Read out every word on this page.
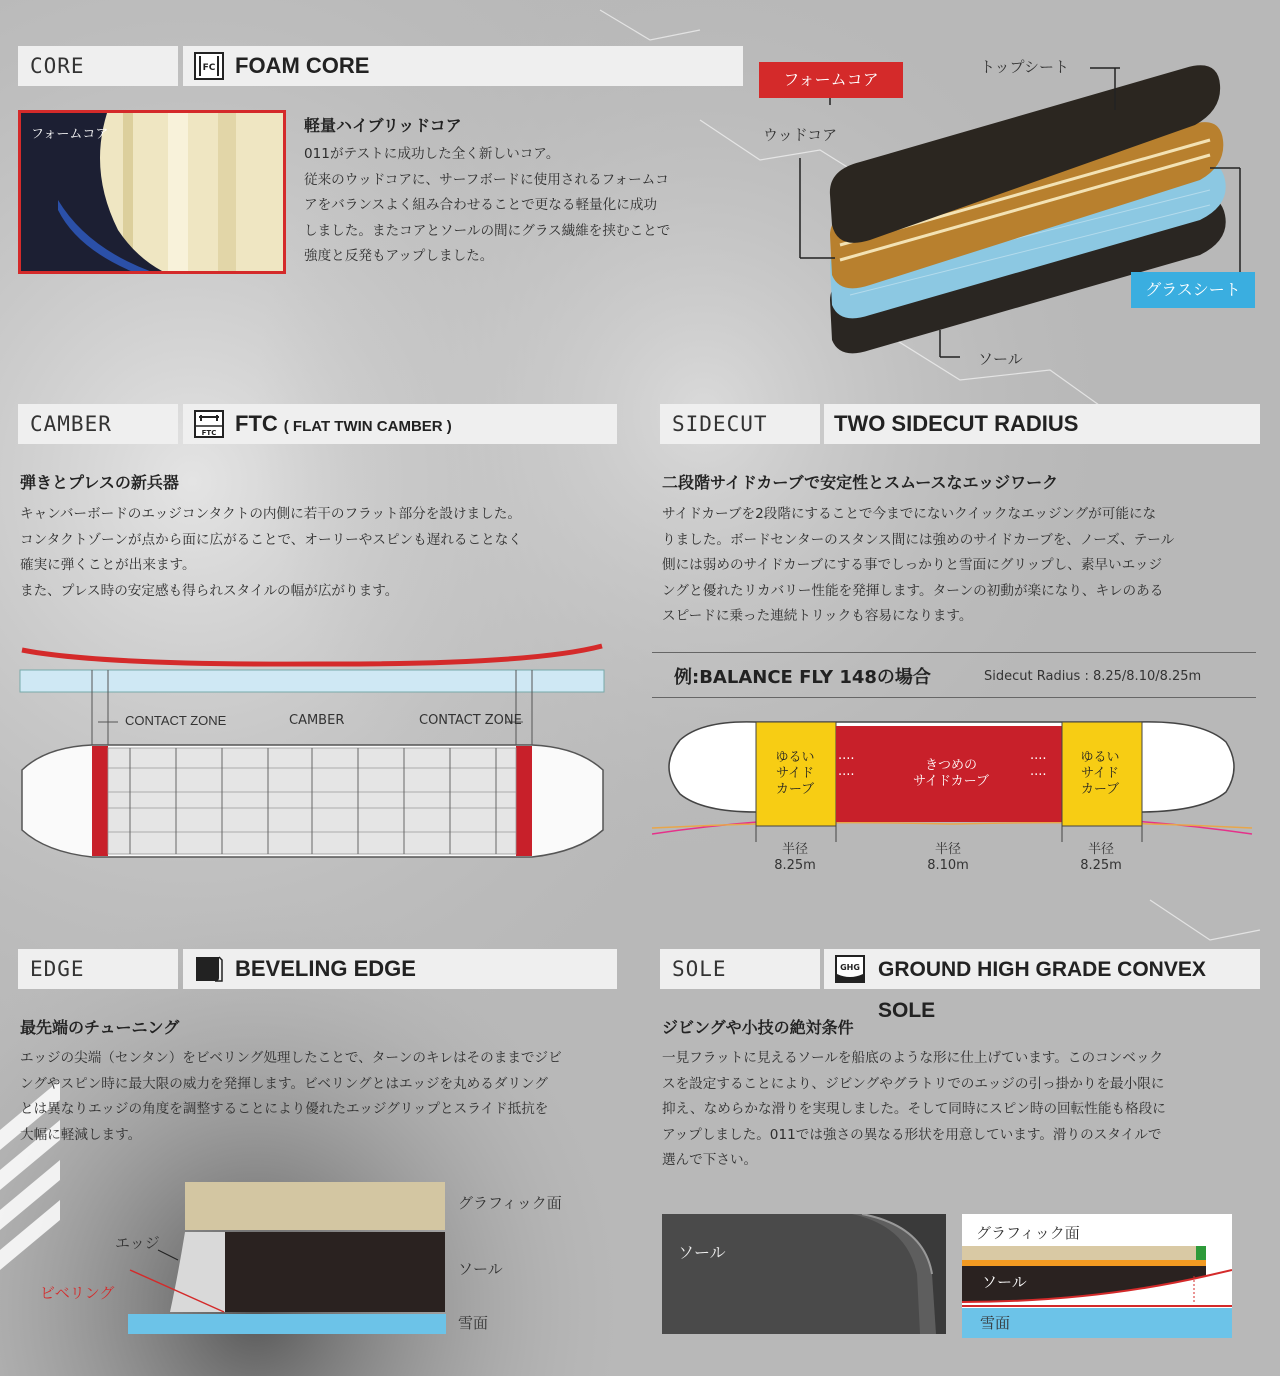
CORE	FC FOAM CORE
フォームコア	軽量ハイブリッドコア
011がテストに成功した全く新しいコア。
従来のウッドコアに、サーフボードに使用されるフォームコ
アをバランスよく組み合わせることで更なる軽量化に成功
しました。またコアとソールの間にグラス繊維を挟むことで
強度と反発もアップしました。
フォームコア
トップシート
ウッドコア
グラスシート
ソール
CAMBER	FTC FTC ( FLAT TWIN CAMBER )
弾きとプレスの新兵器
キャンバーボードのエッジコンタクトの内側に若干のフラット部分を設けました。
コンタクトゾーンが点から面に広がることで、オーリーやスピンも遅れることなく
確実に弾くことが出来ます。
また、プレス時の安定感も得られスタイルの幅が広がります。
CONTACT ZONE	CAMBER	CONTACT ZONE
SIDECUT	TWO SIDECUT RADIUS
二段階サイドカーブで安定性とスムースなエッジワーク
サイドカーブを2段階にすることで今までにないクイックなエッジングが可能にな
りました。ボードセンターのスタンス間には強めのサイドカーブを、ノーズ、テール
側には弱めのサイドカーブにする事でしっかりと雪面にグリップし、素早いエッジ
ングと優れたリカバリー性能を発揮します。ターンの初動が楽になり、キレのある
スピードに乗った連続トリックも容易になります。
例:BALANCE FLY 148の場合	Sidecut Radius : 8.25/8.10/8.25m
ゆるい
サイド
カーブ
きつめの
サイドカーブ
ゆるい
サイド
カーブ
····
····
····
····
半径
8.25m
半径
8.10m
半径
8.25m
EDGE	BEVELING EDGE
最先端のチューニング
エッジの尖端（センタン）をビベリング処理したことで、ターンのキレはそのままでジビ
ングやスピン時に最大限の威力を発揮します。ビベリングとはエッジを丸めるダリング
とは異なりエッジの角度を調整することにより優れたエッジグリップとスライド抵抗を
大幅に軽減します。
グラフィック面
ソール
雪面
エッジ
ビベリング
SOLE	GHG GROUND HIGH GRADE CONVEX SOLE
ジビングや小技の絶対条件
一見フラットに見えるソールを船底のような形に仕上げています。このコンベック
スを設定することにより、ジビングやグラトリでのエッジの引っ掛かりを最小限に
抑え、なめらかな滑りを実現しました。そして同時にスピン時の回転性能も格段に
アップしました。011では強さの異なる形状を用意しています。滑りのスタイルで
選んで下さい。
ソール
グラフィック面
ソール
雪面
